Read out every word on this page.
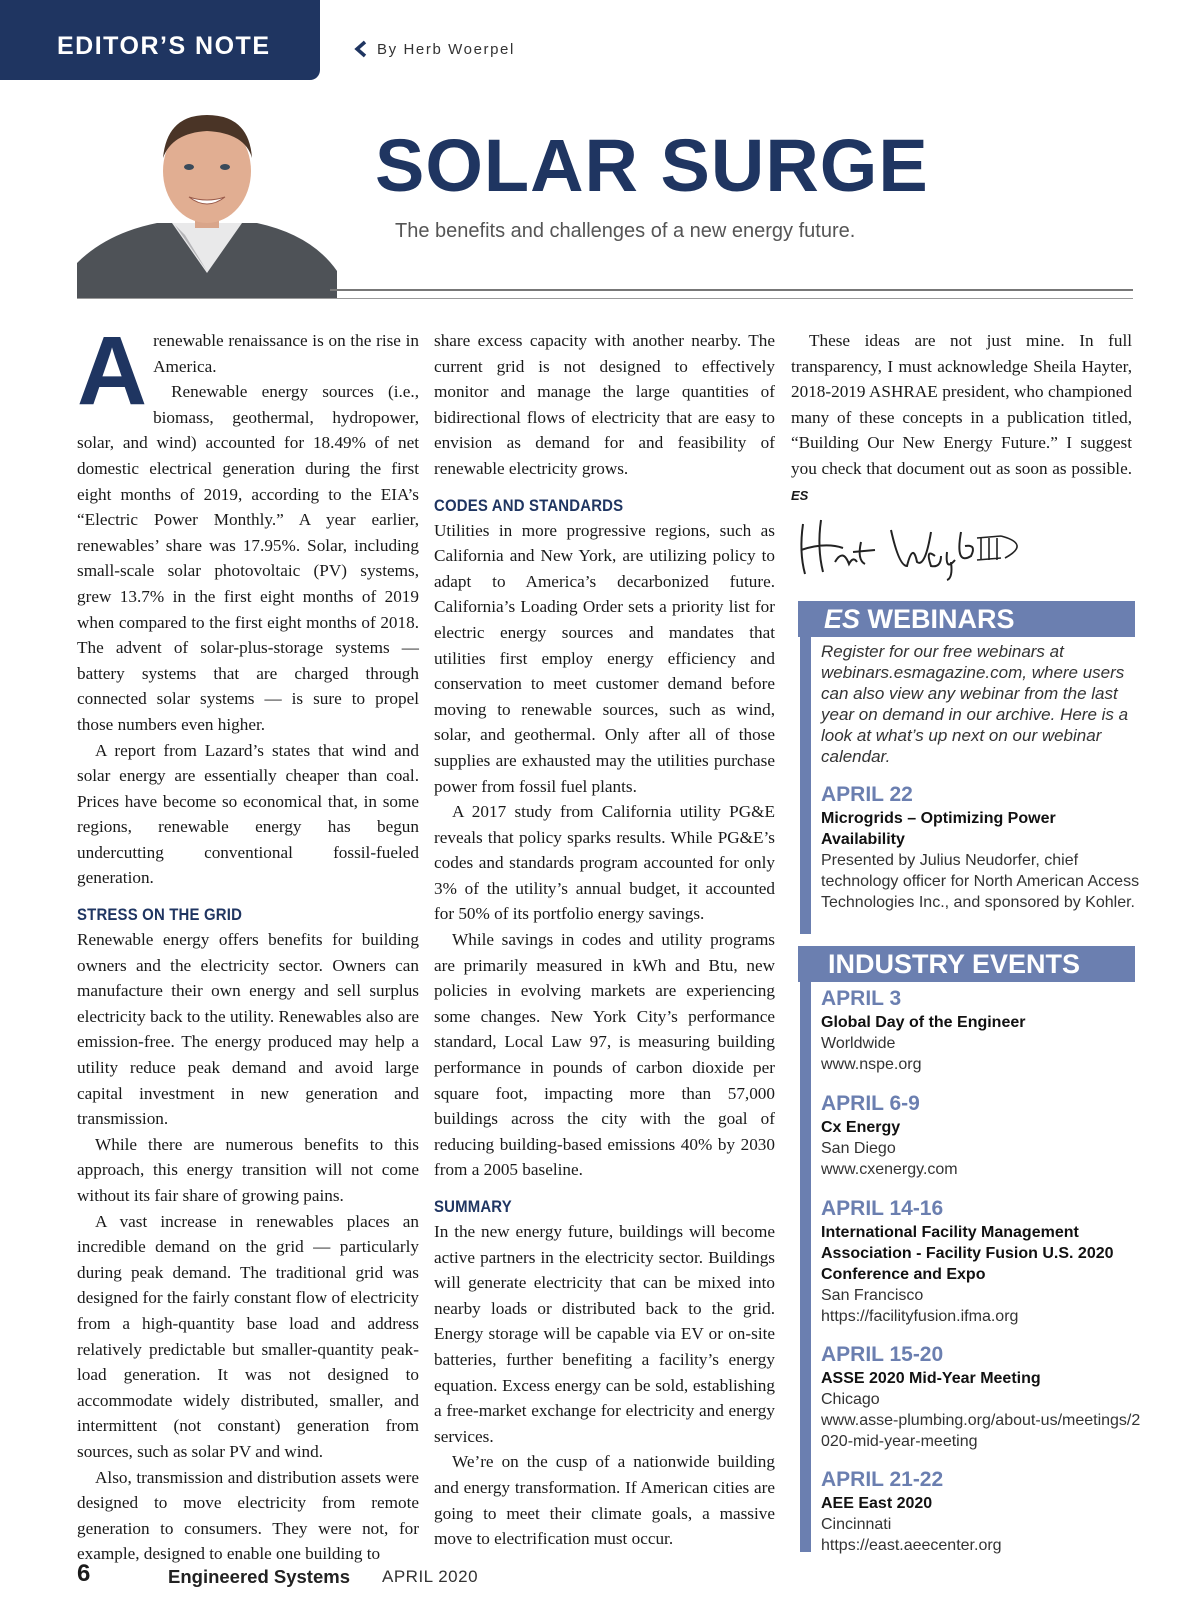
EDITOR’S NOTE	By Herb Woerpel
SOLAR SURGE
The benefits and challenges of a new energy future.

Arenewable renaissance is on the rise in America.

Renewable energy sources (i.e., biomass, geothermal, hydropower, solar, and wind) accounted for 18.49% of net domestic electrical generation during the first eight months of 2019, according to the EIA’s “Electric Power Monthly.” A year earlier, renewables’ share was 17.95%. Solar, including small-scale solar photovoltaic (PV) systems, grew 13.7% in the first eight months of 2019 when compared to the first eight months of 2018. The advent of solar-plus-storage systems — battery systems that are charged through connected solar systems — is sure to propel those numbers even higher.

A report from Lazard’s states that wind and solar energy are essentially cheaper than coal. Prices have become so economical that, in some regions, renewable energy has begun undercutting conventional fossil-fueled generation.

STRESS ON THE GRID

Renewable energy offers benefits for building owners and the electricity sector. Owners can manufacture their own energy and sell surplus electricity back to the utility. Renewables also are emission-free. The energy produced may help a utility reduce peak demand and avoid large capital investment in new generation and transmission.

While there are numerous benefits to this approach, this energy transition will not come without its fair share of growing pains.

A vast increase in renewables places an incredible demand on the grid — particularly during peak demand. The traditional grid was designed for the fairly constant flow of electricity from a high-quantity base load and address relatively predictable but smaller-quantity peak-load generation. It was not designed to accommodate widely distributed, smaller, and intermittent (not constant) generation from sources, such as solar PV and wind.

Also, transmission and distribution assets were designed to move electricity from remote generation to consumers. They were not, for example, designed to enable one building to

share excess capacity with another nearby. The current grid is not designed to effectively monitor and manage the large quantities of bidirectional flows of electricity that are easy to envision as demand for and feasibility of renewable electricity grows.

CODES AND STANDARDS

Utilities in more progressive regions, such as California and New York, are utilizing policy to adapt to America’s decarbonized future. California’s Loading Order sets a priority list for electric energy sources and mandates that utilities first employ energy efficiency and conservation to meet customer demand before moving to renewable sources, such as wind, solar, and geothermal. Only after all of those supplies are exhausted may the utilities purchase power from fossil fuel plants.

A 2017 study from California utility PG&E reveals that policy sparks results. While PG&E’s codes and standards program accounted for only 3% of the utility’s annual budget, it accounted for 50% of its portfolio energy savings.

While savings in codes and utility programs are primarily measured in kWh and Btu, new policies in evolving markets are experiencing some changes. New York City’s performance standard, Local Law 97, is measuring building performance in pounds of carbon dioxide per square foot, impacting more than 57,000 buildings across the city with the goal of reducing building-based emissions 40% by 2030 from a 2005 baseline.

SUMMARY

In the new energy future, buildings will become active partners in the electricity sector. Buildings will generate electricity that can be mixed into nearby loads or distributed back to the grid. Energy storage will be capable via EV or on-site batteries, further benefiting a facility’s energy equation. Excess energy can be sold, establishing a free-market exchange for electricity and energy services.

We’re on the cusp of a nationwide building and energy transformation. If American cities are going to meet their climate goals, a massive move to electrification must occur.

These ideas are not just mine. In full transparency, I must acknowledge Sheila Hayter, 2018-2019 ASHRAE president, who championed many of these concepts in a publication titled, “Building Our New Energy Future.” I suggest you check that document out as soon as possible. ES

ES WEBINARS
Register for our free webinars at webinars.esmagazine.com, where users can also view any webinar from the last year on demand in our archive. Here is a look at what’s up next on our webinar calendar.
APRIL 22
Microgrids – Optimizing Power Availability
Presented by Julius Neudorfer, chief technology officer for North American Access Technologies Inc., and sponsored by Kohler.
INDUSTRY EVENTS
APRIL 3
Global Day of the Engineer
Worldwide
www.nspe.org
APRIL 6-9
Cx Energy
San Diego
www.cxenergy.com
APRIL 14-16
International Facility Management Association - Facility Fusion U.S. 2020 Conference and Expo
San Francisco
https://facilityfusion.ifma.org
APRIL 15-20
ASSE 2020 Mid-Year Meeting
Chicago
www.asse-plumbing.org/about-us/meetings/2020-mid-year-meeting
APRIL 21-22
AEE East 2020
Cincinnati
https://east.aeecenter.org
6	Engineered Systems APRIL 2020
